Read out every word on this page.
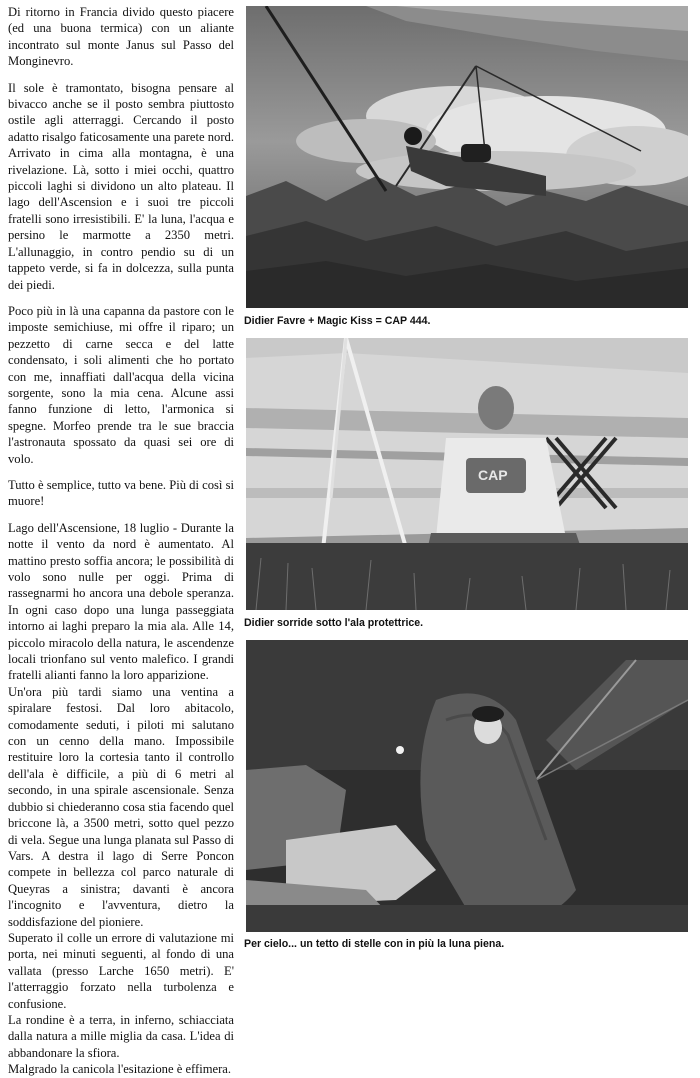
Di ritorno in Francia divido questo piacere (ed una buona termica) con un aliante incontrato sul monte Janus sul Passo del Monginevro.

Il sole è tramontato, bisogna pensare al bivacco anche se il posto sembra piuttosto ostile agli atterraggi. Cercando il posto adatto risalgo faticosamente una parete nord. Arrivato in cima alla montagna, è una rivelazione. Là, sotto i miei occhi, quattro piccoli laghi si dividono un alto plateau. Il lago dell'Ascension e i suoi tre piccoli fratelli sono irresistibili. E' la luna, l'acqua e persino le marmotte a 2350 metri. L'allunaggio, in contro pendio su di un tappeto verde, si fa in dolcezza, sulla punta dei piedi.

Poco più in là una capanna da pastore con le imposte semichiuse, mi offre il riparo; un pezzetto di carne secca e del latte condensato, i soli alimenti che ho portato con me, innaffiati dall'acqua della vicina sorgente, sono la mia cena. Alcune assi fanno funzione di letto, l'armonica si spegne. Morfeo prende tra le sue braccia l'astronauta spossato da quasi sei ore di volo.

Tutto è semplice, tutto va bene. Più di così si muore!

Lago dell'Ascensione, 18 luglio - Durante la notte il vento da nord è aumentato. Al mattino presto soffia ancora; le possibilità di volo sono nulle per oggi. Prima di rassegnarmi ho ancora una debole speranza. In ogni caso dopo una lunga passeggiata intorno ai laghi preparo la mia ala. Alle 14, piccolo miracolo della natura, le ascendenze locali trionfano sul vento malefico. I grandi fratelli alianti fanno la loro apparizione.

Un'ora più tardi siamo una ventina a spiralare festosi. Dal loro abitacolo, comodamente seduti, i piloti mi salutano con un cenno della mano. Impossibile restituire loro la cortesia tanto il controllo dell'ala è difficile, a più di 6 metri al secondo, in una spirale ascensionale. Senza dubbio si chiederanno cosa stia facendo quel briccone là, a 3500 metri, sotto quel pezzo di vela. Segue una lunga planata sul Passo di Vars. A destra il lago di Serre Poncon compete in bellezza col parco naturale di Queyras a sinistra; davanti è ancora l'incognito e l'avventura, dietro la soddisfazione del pioniere.

Superato il colle un errore di valutazione mi porta, nei minuti seguenti, al fondo di una vallata (presso Larche 1650 metri). E' l'atterraggio forzato nella turbolenza e confusione.

La rondine è a terra, in inferno, schiacciata dalla natura a mille miglia da casa. L'idea di abbandonare la sfiora.

Malgrado la canicola l'esitazione è effimera.

Didier Favre + Magic Kiss = CAP 444.
CAP
Didier sorride sotto l'ala protettrice.
Per cielo... un tetto di stelle con in più la luna piena.
